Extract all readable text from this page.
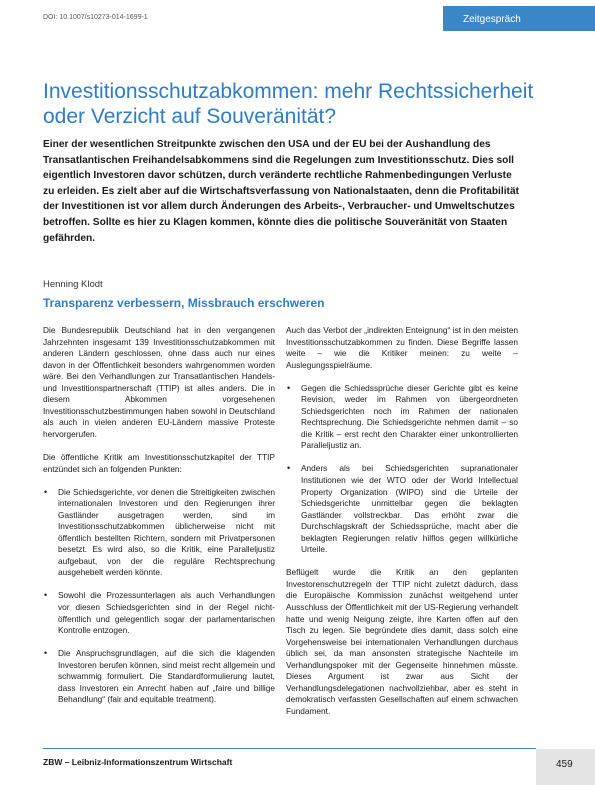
DOI: 10.1007/s10273-014-1699-1	Zeitgespräch
Investitionsschutzabkommen: mehr Rechtssicherheit oder Verzicht auf Souveränität?

Einer der wesentlichen Streitpunkte zwischen den USA und der EU bei der Aushandlung des Transatlantischen Freihandelsabkommens sind die Regelungen zum Investitionsschutz. Dies soll eigentlich Investoren davor schützen, durch veränderte rechtliche Rahmenbedingungen Verluste zu erleiden. Es zielt aber auf die Wirtschaftsverfassung von Nationalstaaten, denn die Profitabilität der Investitionen ist vor allem durch Änderungen des Arbeits-, Verbraucher- und Umweltschutzes betroffen. Sollte es hier zu Klagen kommen, könnte dies die politische Souveränität von Staaten gefährden.

Henning Klodt
Transparenz verbessern, Missbrauch erschweren

Die Bundesrepublik Deutschland hat in den vergangenen Jahrzehnten insgesamt 139 Investitionsschutzabkommen mit anderen Ländern geschlossen, ohne dass auch nur eines davon in der Öffentlichkeit besonders wahrgenommen worden wäre. Bei den Verhandlungen zur Transatlantischen Handels- und Investitionspartnerschaft (TTIP) ist alles anders. Die in diesem Abkommen vorgesehenen Investitionsschutzbestimmungen haben sowohl in Deutschland als auch in vielen anderen EU-Ländern massive Proteste hervorgerufen.

Die öffentliche Kritik am Investitionsschutzkapitel der TTIP entzündet sich an folgenden Punkten:

• Die Schiedsgerichte, vor denen die Streitigkeiten zwischen internationalen Investoren und den Regierungen ihrer Gastländer ausgetragen werden, sind im Investitionsschutzabkommen üblicherweise nicht mit öffentlich bestellten Richtern, sondern mit Privatpersonen besetzt. Es wird also, so die Kritik, eine Paralleljustiz aufgebaut, von der die reguläre Rechtsprechung ausgehebelt werden könnte.
• Sowohl die Prozessunterlagen als auch Verhandlungen vor diesen Schiedsgerichten sind in der Regel nicht-öffentlich und gelegentlich sogar der parlamentarischen Kontrolle entzogen.
• Die Anspruchsgrundlagen, auf die sich die klagenden Investoren berufen können, sind meist recht allgemein und schwammig formuliert. Die Standardformulierung lautet, dass Investoren ein Anrecht haben auf „faire und billige Behandlung“ (fair and equitable treatment).

Auch das Verbot der „indirekten Enteignung“ ist in den meisten Investitionsschutzabkommen zu finden. Diese Begriffe lassen weite – wie die Kritiker meinen: zu weite – Auslegungsspielräume.

• Gegen die Schiedssprüche dieser Gerichte gibt es keine Revision, weder im Rahmen von übergeordneten Schiedsgerichten noch im Rahmen der nationalen Rechtsprechung. Die Schiedsgerichte nehmen damit – so die Kritik – erst recht den Charakter einer unkontrollierten Paralleljustiz an.
• Anders als bei Schiedsgerichten supranationaler Institutionen wie der WTO oder der World Intellectual Property Organization (WIPO) sind die Urteile der Schiedsgerichte unmittelbar gegen die beklagten Gastländer vollstreckbar. Das erhöht zwar die Durchschlagskraft der Schiedssprüche, macht aber die beklagten Regierungen relativ hilflos gegen willkürliche Urteile.

Beflügelt wurde die Kritik an den geplanten Investorenschutzregeln der TTIP nicht zuletzt dadurch, dass die Europäische Kommission zunächst weitgehend unter Ausschluss der Öffentlichkeit mit der US-Regierung verhandelt hatte und wenig Neigung zeigte, ihre Karten offen auf den Tisch zu legen. Sie begründete dies damit, dass solch eine Vorgehensweise bei internationalen Verhandlungen durchaus üblich sei, da man ansonsten strategische Nachteile im Verhandlungspoker mit der Gegenseite hinnehmen müsste. Dieses Argument ist zwar aus Sicht der Verhandlungsdelegationen nachvollziehbar, aber es steht in demokratisch verfassten Gesellschaften auf einem schwachen Fundament.

ZBW – Leibniz-Informationszentrum Wirtschaft	459
